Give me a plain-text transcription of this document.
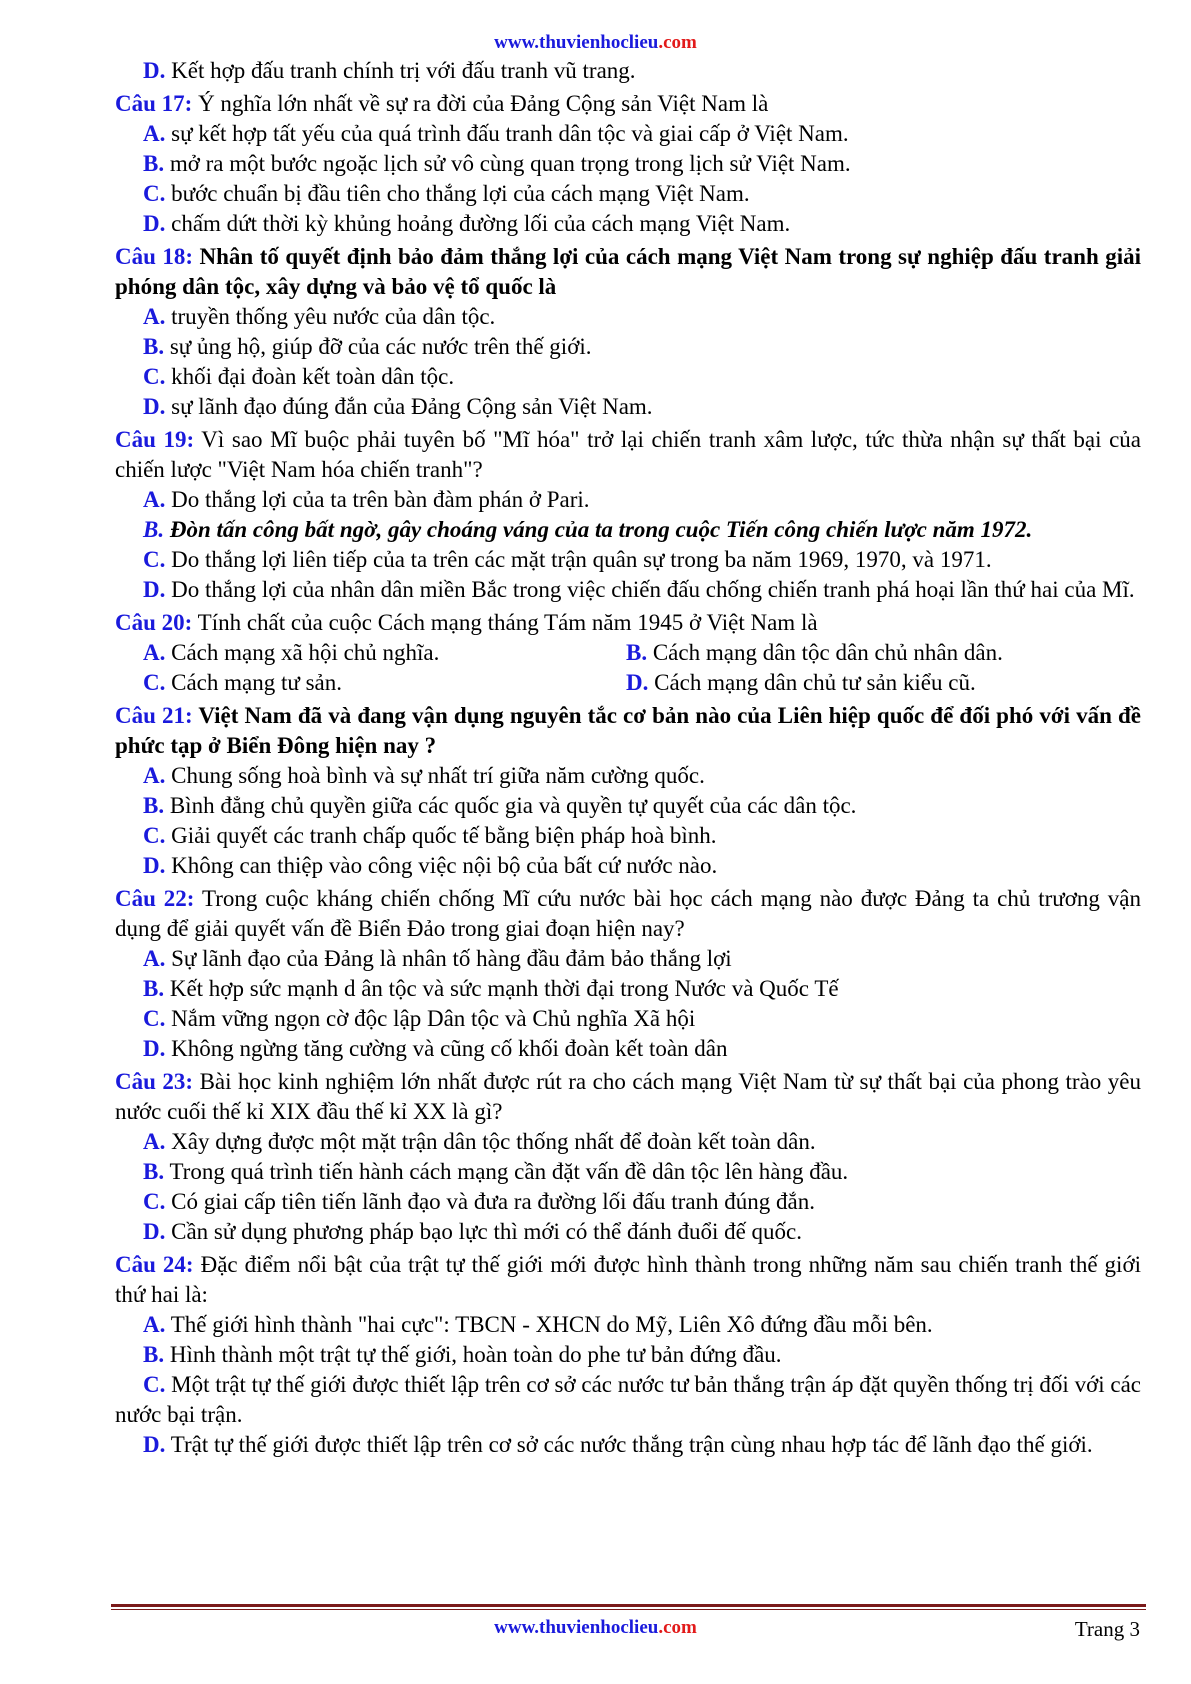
www.thuvienhoclieu.com
D. Kết hợp đấu tranh chính trị với đấu tranh vũ trang.
Câu 17: Ý nghĩa lớn nhất về sự ra đời của Đảng Cộng sản Việt Nam là
A. sự kết hợp tất yếu của quá trình đấu tranh dân tộc và giai cấp ở Việt Nam.
B. mở ra một bước ngoặc lịch sử vô cùng quan trọng trong lịch sử Việt Nam.
C. bước chuẩn bị đầu tiên cho thắng lợi của cách mạng Việt Nam.
D. chấm dứt thời kỳ khủng hoảng đường lối của cách mạng Việt Nam.
Câu 18: Nhân tố quyết định bảo đảm thắng lợi của cách mạng Việt Nam trong sự nghiệp đấu tranh giải phóng dân tộc, xây dựng và bảo vệ tổ quốc là
A. truyền thống yêu nước của dân tộc.
B. sự ủng hộ, giúp đỡ của các nước trên thế giới.
C. khối đại đoàn kết toàn dân tộc.
D. sự lãnh đạo đúng đắn của Đảng Cộng sản Việt Nam.
Câu 19: Vì sao Mĩ buộc phải tuyên bố "Mĩ hóa" trở lại chiến tranh xâm lược, tức thừa nhận sự thất bại của chiến lược "Việt Nam hóa chiến tranh"?
A. Do thắng lợi của ta trên bàn đàm phán ở Pari.
B. Đòn tấn công bất ngờ, gây choáng váng của ta trong cuộc Tiến công chiến lược năm 1972.
C. Do thắng lợi liên tiếp của ta trên các mặt trận quân sự trong ba năm 1969, 1970, và 1971.
D. Do thắng lợi của nhân dân miền Bắc trong việc chiến đấu chống chiến tranh phá hoại lần thứ hai của Mĩ.
Câu 20: Tính chất của cuộc Cách mạng tháng Tám năm 1945 ở Việt Nam là
A. Cách mạng xã hội chủ nghĩa.	B. Cách mạng dân tộc dân chủ nhân dân.
C. Cách mạng tư sản.	D. Cách mạng dân chủ tư sản kiểu cũ.
Câu 21: Việt Nam đã và đang vận dụng nguyên tắc cơ bản nào của Liên hiệp quốc để đối phó với vấn đề phức tạp ở Biển Đông hiện nay ?
A. Chung sống hoà bình và sự nhất trí giữa năm cường quốc.
B. Bình đẳng chủ quyền giữa các quốc gia và quyền tự quyết của các dân tộc.
C. Giải quyết các tranh chấp quốc tế bằng biện pháp hoà bình.
D. Không can thiệp vào công việc nội bộ của bất cứ nước nào.
Câu 22: Trong cuộc kháng chiến chống Mĩ cứu nước bài học cách mạng nào được Đảng ta chủ trương vận dụng để giải quyết vấn đề Biển Đảo trong giai đoạn hiện nay?
A. Sự lãnh đạo của Đảng là nhân tố hàng đầu đảm bảo thắng lợi
B. Kết hợp sức mạnh d ân tộc và sức mạnh thời đại trong Nước và Quốc Tế
C. Nắm vững ngọn cờ độc lập Dân tộc và Chủ nghĩa Xã hội
D. Không ngừng tăng cường và cũng cố khối đoàn kết toàn dân
Câu 23: Bài học kinh nghiệm lớn nhất được rút ra cho cách mạng Việt Nam từ sự thất bại của phong trào yêu nước cuối thế kỉ XIX đầu thế kỉ XX là gì?
A. Xây dựng được một mặt trận dân tộc thống nhất để đoàn kết toàn dân.
B. Trong quá trình tiến hành cách mạng cần đặt vấn đề dân tộc lên hàng đầu.
C. Có giai cấp tiên tiến lãnh đạo và đưa ra đường lối đấu tranh đúng đắn.
D. Cần sử dụng phương pháp bạo lực thì mới có thể đánh đuổi đế quốc.
Câu 24: Đặc điểm nổi bật của trật tự thế giới mới được hình thành trong những năm sau chiến tranh thế giới thứ hai là:
A. Thế giới hình thành "hai cực": TBCN - XHCN do Mỹ, Liên Xô đứng đầu mỗi bên.
B. Hình thành một trật tự thế giới, hoàn toàn do phe tư bản đứng đầu.
C. Một trật tự thế giới được thiết lập trên cơ sở các nước tư bản thắng trận áp đặt quyền thống trị đối với các nước bại trận.
D. Trật tự thế giới được thiết lập trên cơ sở các nước thắng trận cùng nhau hợp tác để lãnh đạo thế giới.
www.thuvienhoclieu.com	Trang 3
